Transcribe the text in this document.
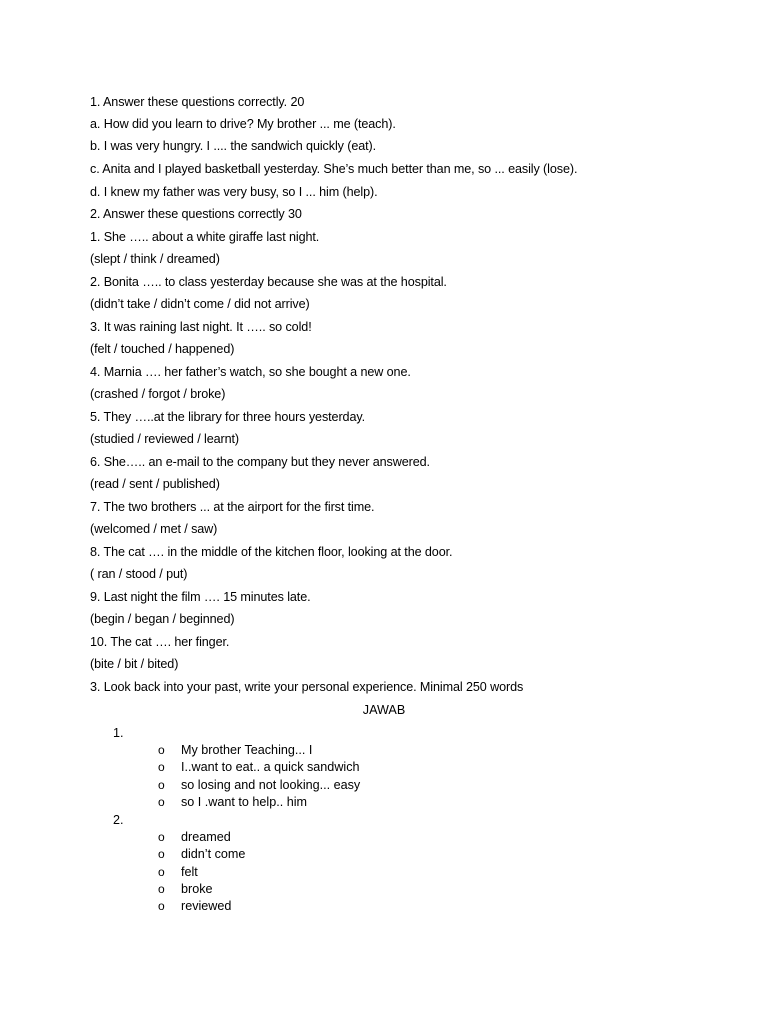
1. Answer these questions correctly. 20
a. How did you learn to drive? My brother ... me (teach).
b. I was very hungry. I .... the sandwich quickly (eat).
c. Anita and I played basketball yesterday. She’s much better than me, so ... easily (lose).
d. I knew my father was very busy, so I ... him (help).
2. Answer these questions correctly 30
1. She ….. about a white giraffe last night.
(slept / think / dreamed)
2. Bonita ….. to class yesterday because she was at the hospital.
(didn’t take / didn’t come / did not arrive)
3. It was raining last night. It ….. so cold!
(felt / touched / happened)
4. Marnia …. her father’s watch, so she bought a new one.
(crashed / forgot / broke)
5. They …..at the library for three hours yesterday.
(studied / reviewed / learnt)
6. She….. an e-mail to the company but they never answered.
(read / sent / published)
7. The two brothers ... at the airport for the first time.
(welcomed / met / saw)
8. The cat …. in the middle of the kitchen floor, looking at the door.
( ran / stood / put)
9. Last night the film …. 15 minutes late.
(begin / began / beginned)
10. The cat …. her finger.
(bite / bit / bited)
3. Look back into your past, write your personal experience. Minimal 250 words
JAWAB
1.
o My brother Teaching... I
o I..want to eat.. a quick sandwich
o so losing and not looking... easy
o so I .want to help.. him
2.
o dreamed
o didn’t come
o felt
o broke
o reviewed
